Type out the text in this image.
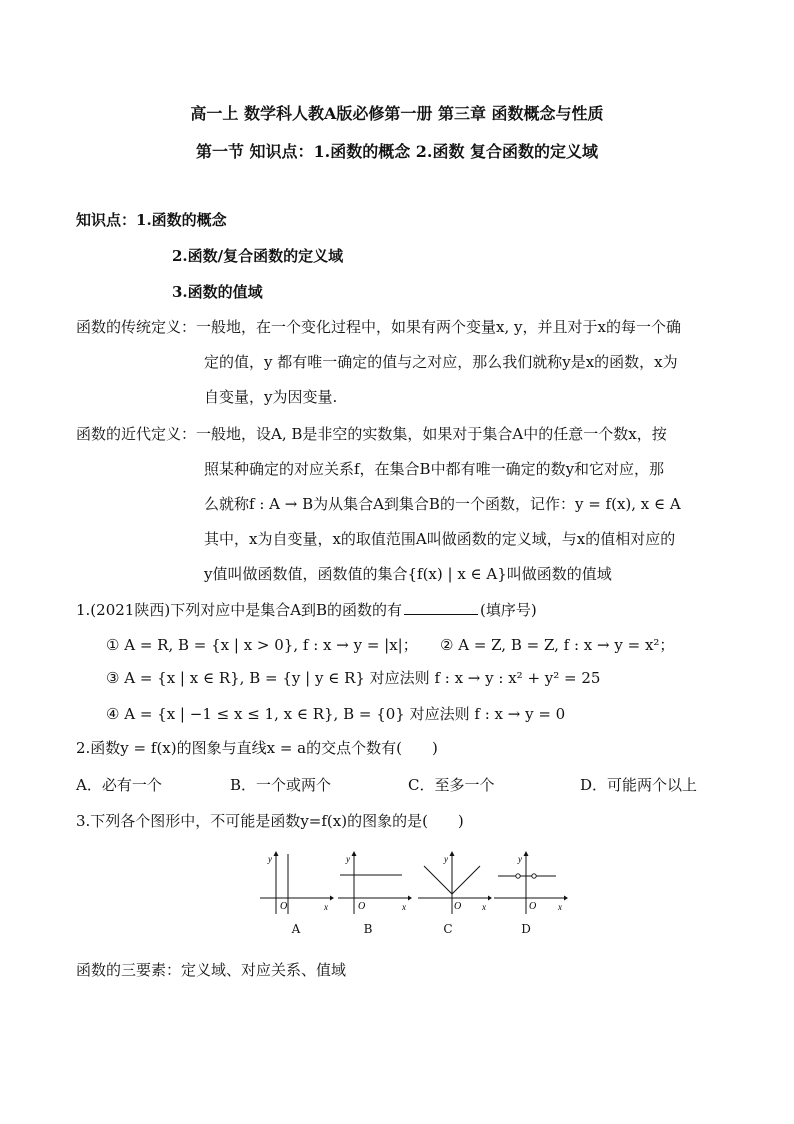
高一上 数学科人教A版必修第一册 第三章 函数概念与性质
第一节 知识点：1.函数的概念 2.函数 复合函数的定义域
知识点：1.函数的概念
2.函数/复合函数的定义域
3.函数的值域
函数的传统定义：一般地，在一个变化过程中，如果有两个变量x, y，并且对于x的每一个确
定的值，y 都有唯一确定的值与之对应，那么我们就称y是x的函数，x为
自变量，y为因变量.
函数的近代定义：一般地，设A, B是非空的实数集，如果对于集合A中的任意一个数x，按
照某种确定的对应关系f，在集合B中都有唯一确定的数y和它对应，那
么就称f : A → B为从集合A到集合B的一个函数，记作：y = f(x), x ∈ A
其中，x为自变量，x的取值范围A叫做函数的定义域，与x的值相对应的
y值叫做函数值，函数值的集合{f(x) | x ∈ A}叫做函数的值域
1.(2021陕西)下列对应中是集合A到B的函数的有	(填序号)
① A = R, B = {x | x > 0}, f : x → y = |x|； ② A = Z, B = Z, f : x → y = x²；
③ A = {x | x ∈ R}, B = {y | y ∈ R} 对应法则 f : x → y : x² + y² = 25
④ A = {x | −1 ≤ x ≤ 1, x ∈ R}, B = {0} 对应法则 f : x → y = 0
2.函数y = f(x)的图象与直线x = a的交点个数有(　　)
A．必有一个	B．一个或两个	C．至多一个	D．可能两个以上
3.下列各个图形中，不可能是函数y=f(x)的图象的是(　　)
y
x
O
A
y
x
O
B
y
x
O
C
y
x
O
D
函数的三要素：定义域、对应关系、值域
